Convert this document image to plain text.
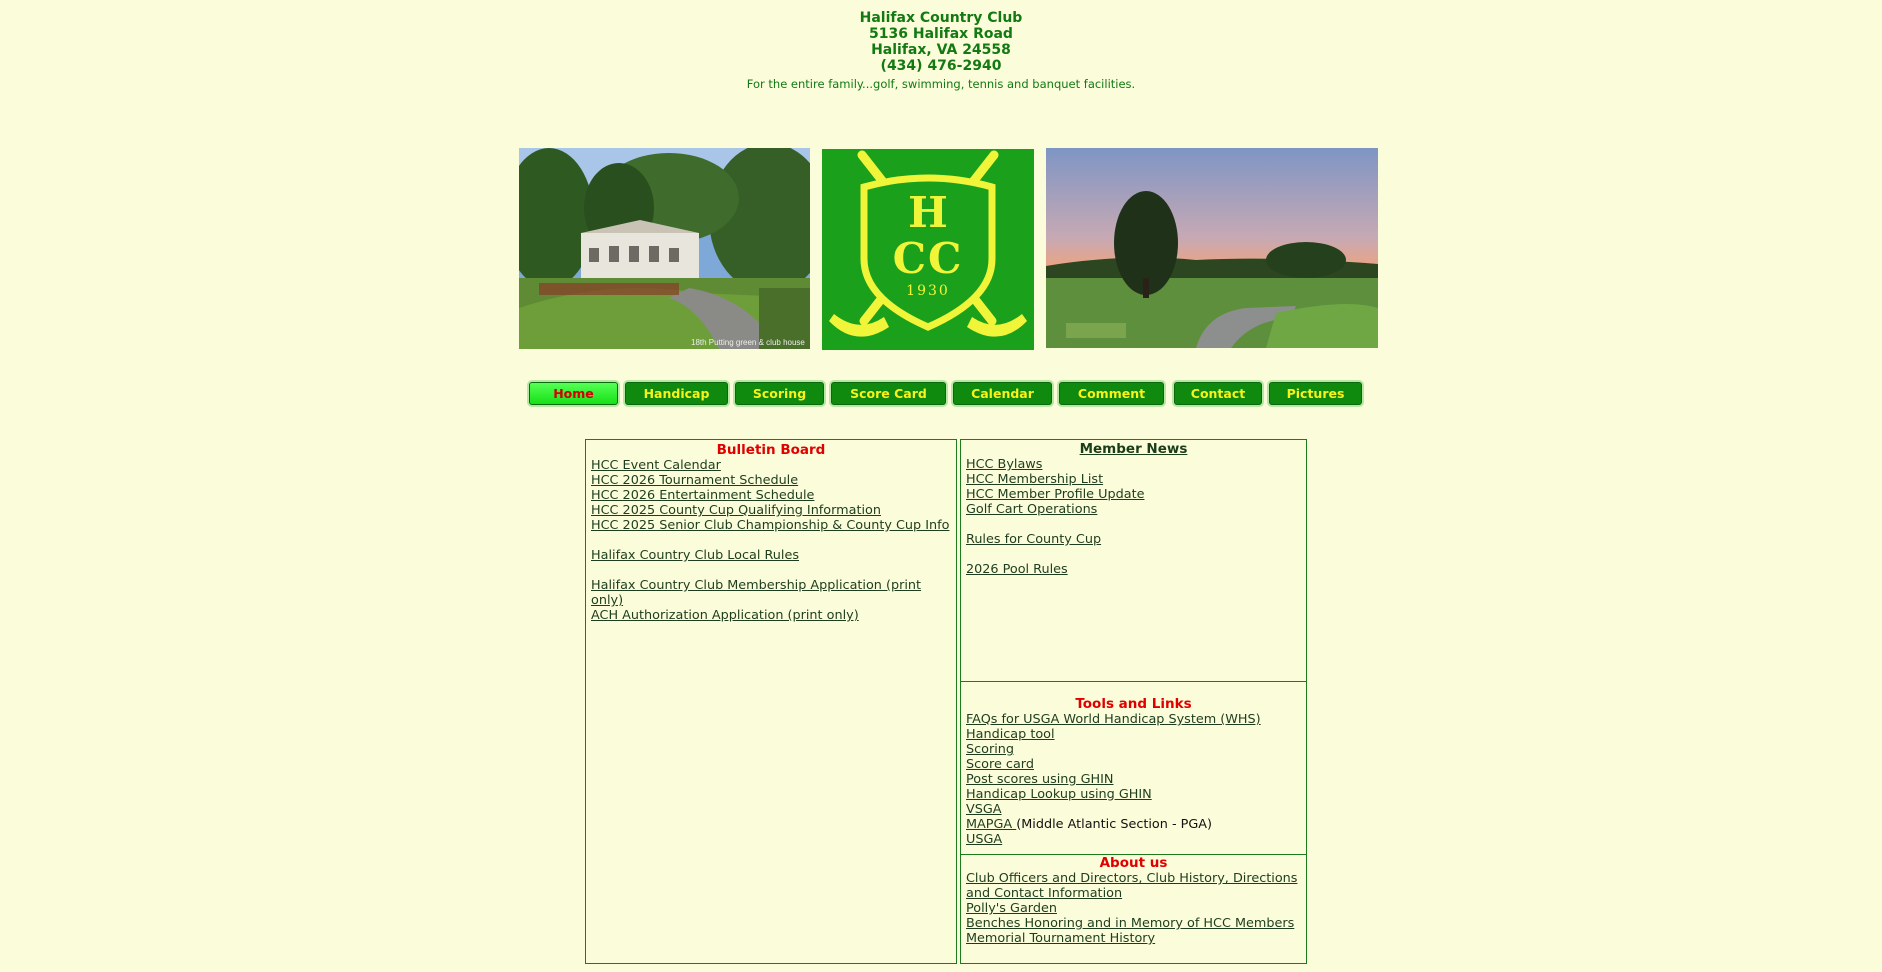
Halifax Country Club
5136 Halifax Road
Halifax, VA 24558
(434) 476-2940
For the entire family...golf, swimming, tennis and banquet facilities.
18th Putting green & club house
H
CC
1930
Home	Handicap	Scoring	Score Card	Calendar	Comment	Contact	Pictures
Bulletin Board
HCC Event Calendar
HCC 2026 Tournament Schedule
HCC 2026 Entertainment Schedule
HCC 2025 County Cup Qualifying Information
HCC 2025 Senior Club Championship & County Cup Info
Halifax Country Club Local Rules
Halifax Country Club Membership Application (print only)
ACH Authorization Application (print only)
Member News
HCC Bylaws
HCC Membership List
HCC Member Profile Update
Golf Cart Operations
Rules for County Cup
2026 Pool Rules
Tools and Links
FAQs for USGA World Handicap System (WHS)
Handicap tool
Scoring
Score card
Post scores using GHIN
Handicap Lookup using GHIN
VSGA
MAPGA (Middle Atlantic Section - PGA)
USGA
About us
Club Officers and Directors, Club History, Directions
and Contact Information
Polly's Garden
Benches Honoring and in Memory of HCC Members
Memorial Tournament History
